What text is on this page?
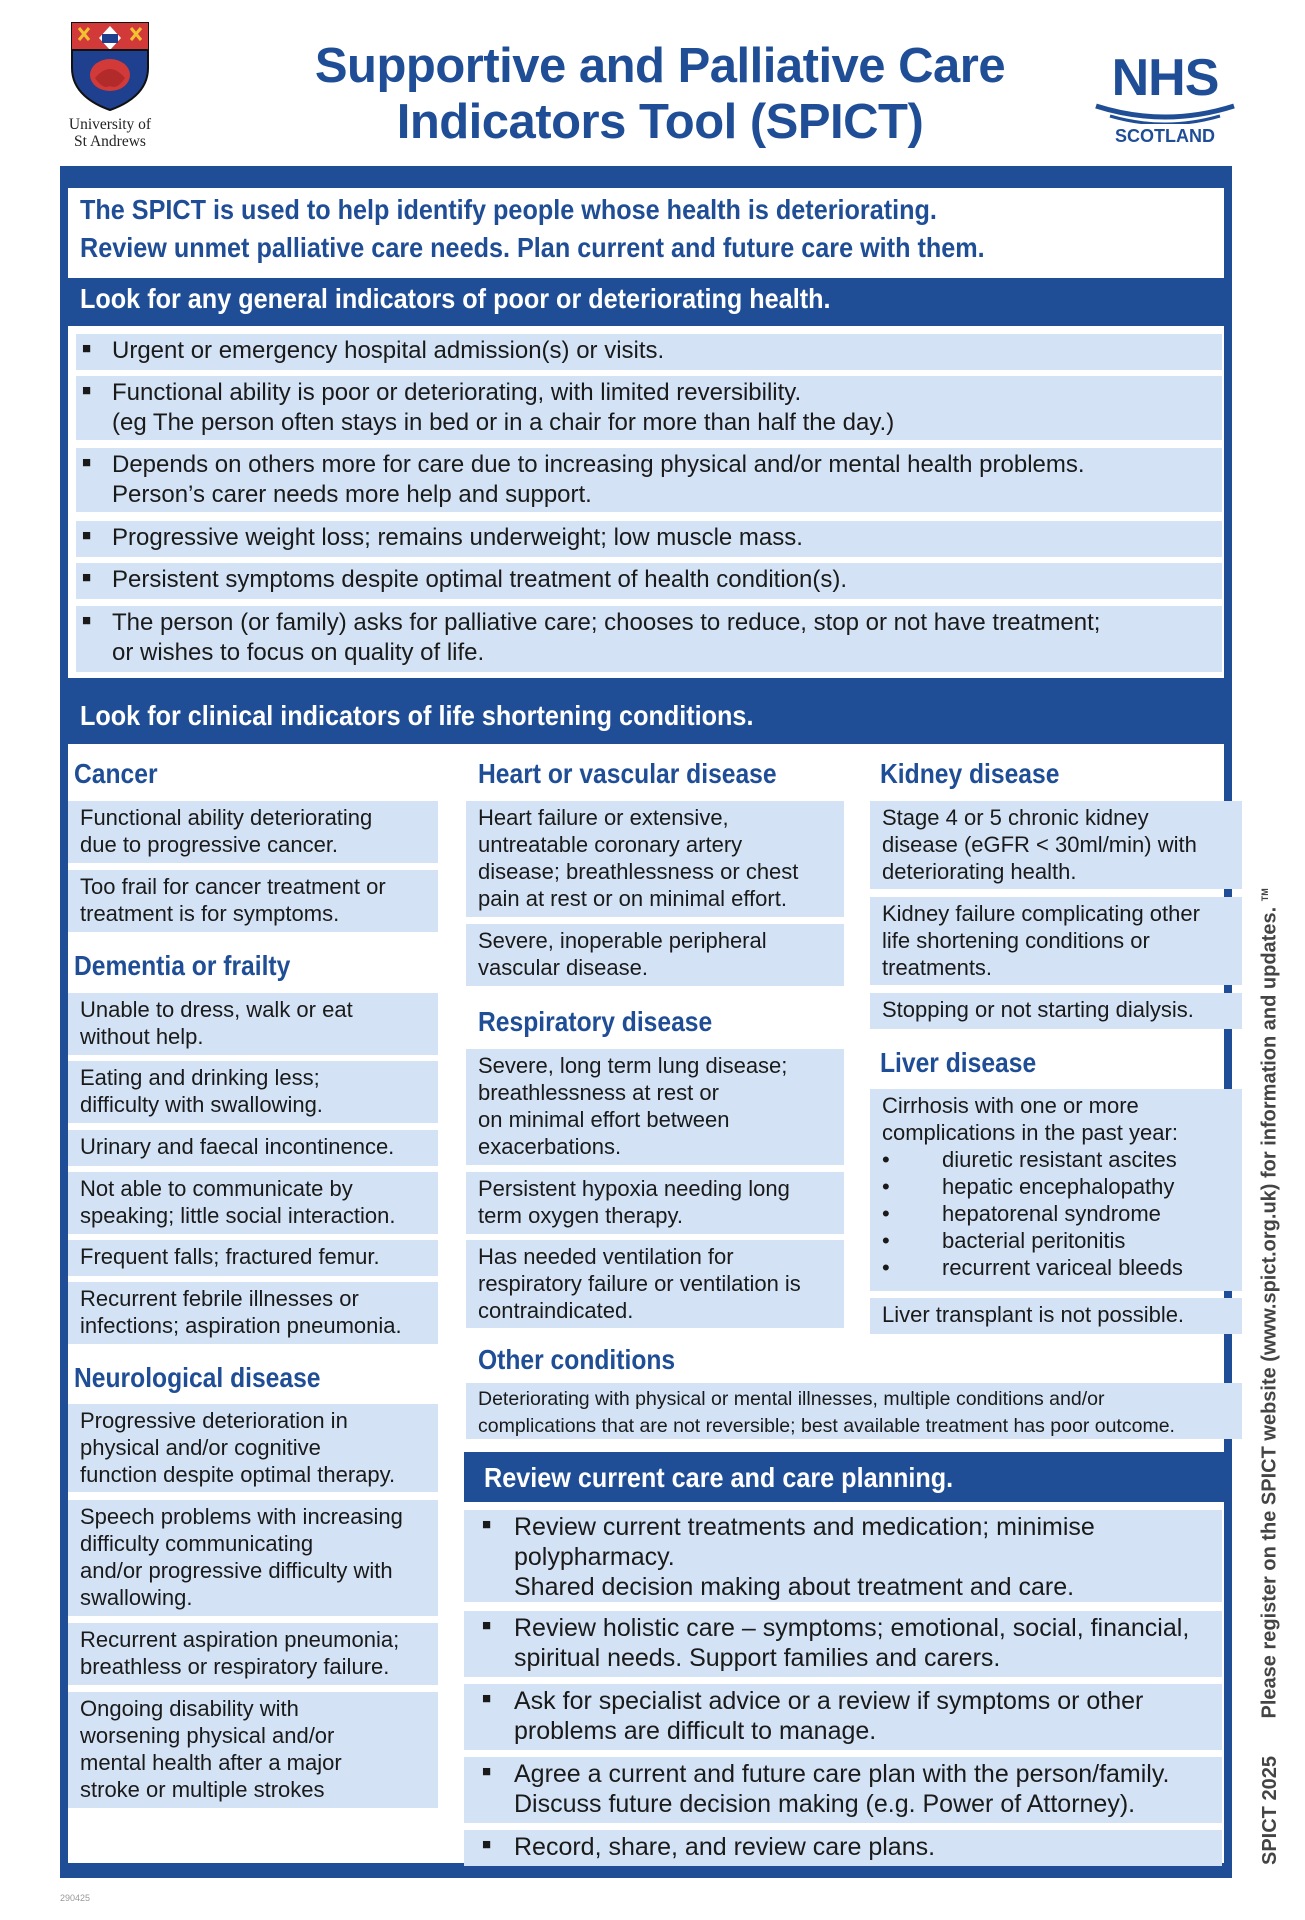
University of
St Andrews
Supportive and Palliative Care
Indicators Tool (SPICT)
NHS
SCOTLAND
The SPICT is used to help identify people whose health is deteriorating.
Review unmet palliative care needs. Plan current and future care with them.
Look for any general indicators of poor or deteriorating health.
■ Urgent or emergency hospital admission(s) or visits.
■ Functional ability is poor or deteriorating, with limited reversibility.
(eg The person often stays in bed or in a chair for more than half the day.)
■ Depends on others more for care due to increasing physical and/or mental health problems.
Person’s carer needs more help and support.
■ Progressive weight loss; remains underweight; low muscle mass.
■ Persistent symptoms despite optimal treatment of health condition(s).
■ The person (or family) asks for palliative care; chooses to reduce, stop or not have treatment;
or wishes to focus on quality of life.
Look for clinical indicators of life shortening conditions.
Cancer
Functional ability deteriorating
due to progressive cancer.
Too frail for cancer treatment or
treatment is for symptoms.
Dementia or frailty
Unable to dress, walk or eat
without help.
Eating and drinking less;
difficulty with swallowing.
Urinary and faecal incontinence.
Not able to communicate by
speaking; little social interaction.
Frequent falls; fractured femur.
Recurrent febrile illnesses or
infections; aspiration pneumonia.
Neurological disease
Progressive deterioration in
physical and/or cognitive
function despite optimal therapy.
Speech problems with increasing
difficulty communicating
and/or progressive difficulty with
swallowing.
Recurrent aspiration pneumonia;
breathless or respiratory failure.
Ongoing disability with
worsening physical and/or
mental health after a major
stroke or multiple strokes
Heart or vascular disease
Heart failure or extensive,
untreatable coronary artery
disease; breathlessness or chest
pain at rest or on minimal effort.
Severe, inoperable peripheral
vascular disease.
Respiratory disease
Severe, long term lung disease;
breathlessness at rest or
on minimal effort between
exacerbations.
Persistent hypoxia needing long
term oxygen therapy.
Has needed ventilation for
respiratory failure or ventilation is
contraindicated.
Kidney disease
Stage 4 or 5 chronic kidney
disease (eGFR < 30ml/min) with
deteriorating health.
Kidney failure complicating other
life shortening conditions or
treatments.
Stopping or not starting dialysis.
Liver disease
Cirrhosis with one or more
complications in the past year:
• diuretic resistant ascites
• hepatic encephalopathy
• hepatorenal syndrome
• bacterial peritonitis
• recurrent variceal bleeds
Liver transplant is not possible.
Other conditions
Deteriorating with physical or mental illnesses, multiple conditions and/or
complications that are not reversible; best available treatment has poor outcome.
Review current care and care planning.
■ Review current treatments and medication; minimise
polypharmacy.
Shared decision making about treatment and care.
■ Review holistic care – symptoms; emotional, social, financial,
spiritual needs. Support families and carers.
■ Ask for specialist advice or a review if symptoms or other
problems are difficult to manage.
■ Agree a current and future care plan with the person/family.
Discuss future decision making (e.g. Power of Attorney).
■ Record, share, and review care plans.	SPICT 2025 Please register on the SPICT website (www.spict.org.uk) for information and updates. ™
290425
